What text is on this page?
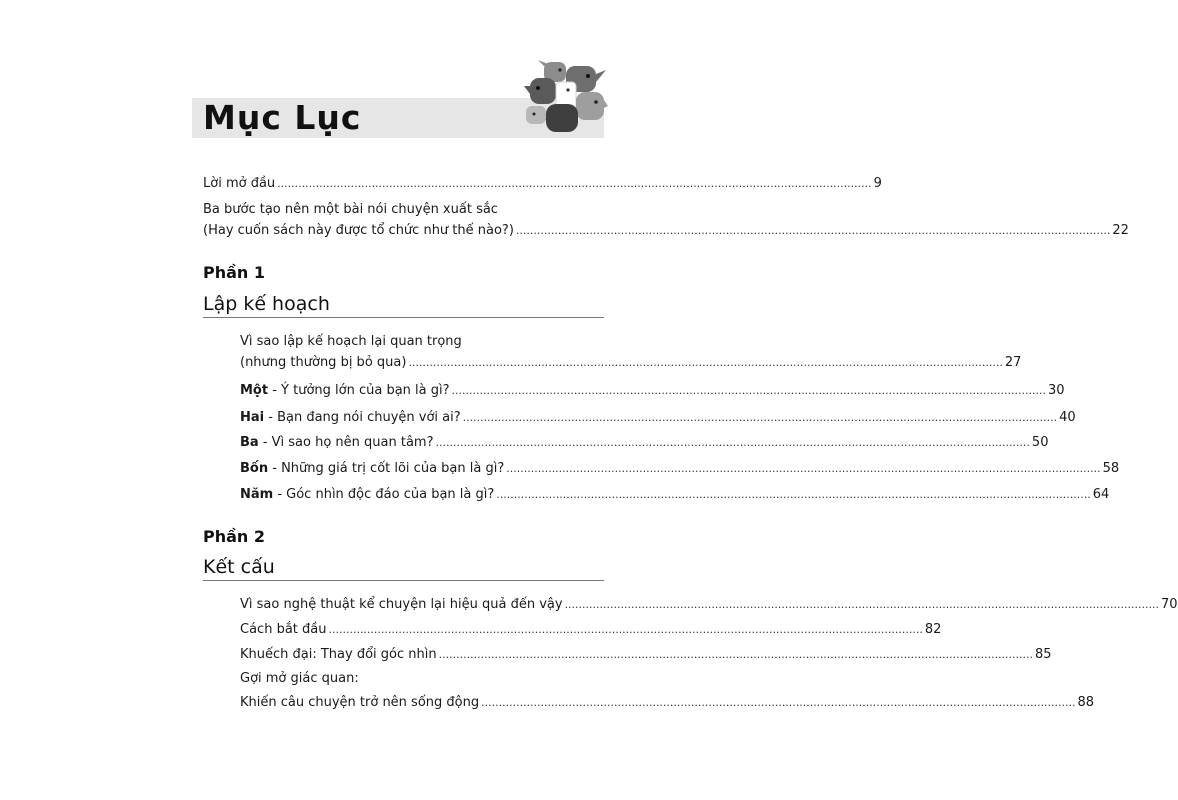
Mục Lục
Lời mở đầu .......................................................................................................................................................................... 9
Ba bước tạo nên một bài nói chuyện xuất sắc
(Hay cuốn sách này được tổ chức như thế nào?) .......................................................................................................................................................................... 22
Phần 1
Lập kế hoạch
Vì sao lập kế hoạch lại quan trọng
(nhưng thường bị bỏ qua) .......................................................................................................................................................................... 27
Một - Ý tưởng lớn của bạn là gì? .......................................................................................................................................................................... 30
Hai - Bạn đang nói chuyện với ai? .......................................................................................................................................................................... 40
Ba - Vì sao họ nên quan tâm? .......................................................................................................................................................................... 50
Bốn - Những giá trị cốt lõi của bạn là gì? .......................................................................................................................................................................... 58
Năm - Góc nhìn độc đáo của bạn là gì? .......................................................................................................................................................................... 64
Phần 2
Kết cấu
Vì sao nghệ thuật kể chuyện lại hiệu quả đến vậy .......................................................................................................................................................................... 70
Cách bắt đầu .......................................................................................................................................................................... 82
Khuếch đại: Thay đổi góc nhìn .......................................................................................................................................................................... 85
Gợi mở giác quan:
Khiến câu chuyện trở nên sống động .......................................................................................................................................................................... 88
